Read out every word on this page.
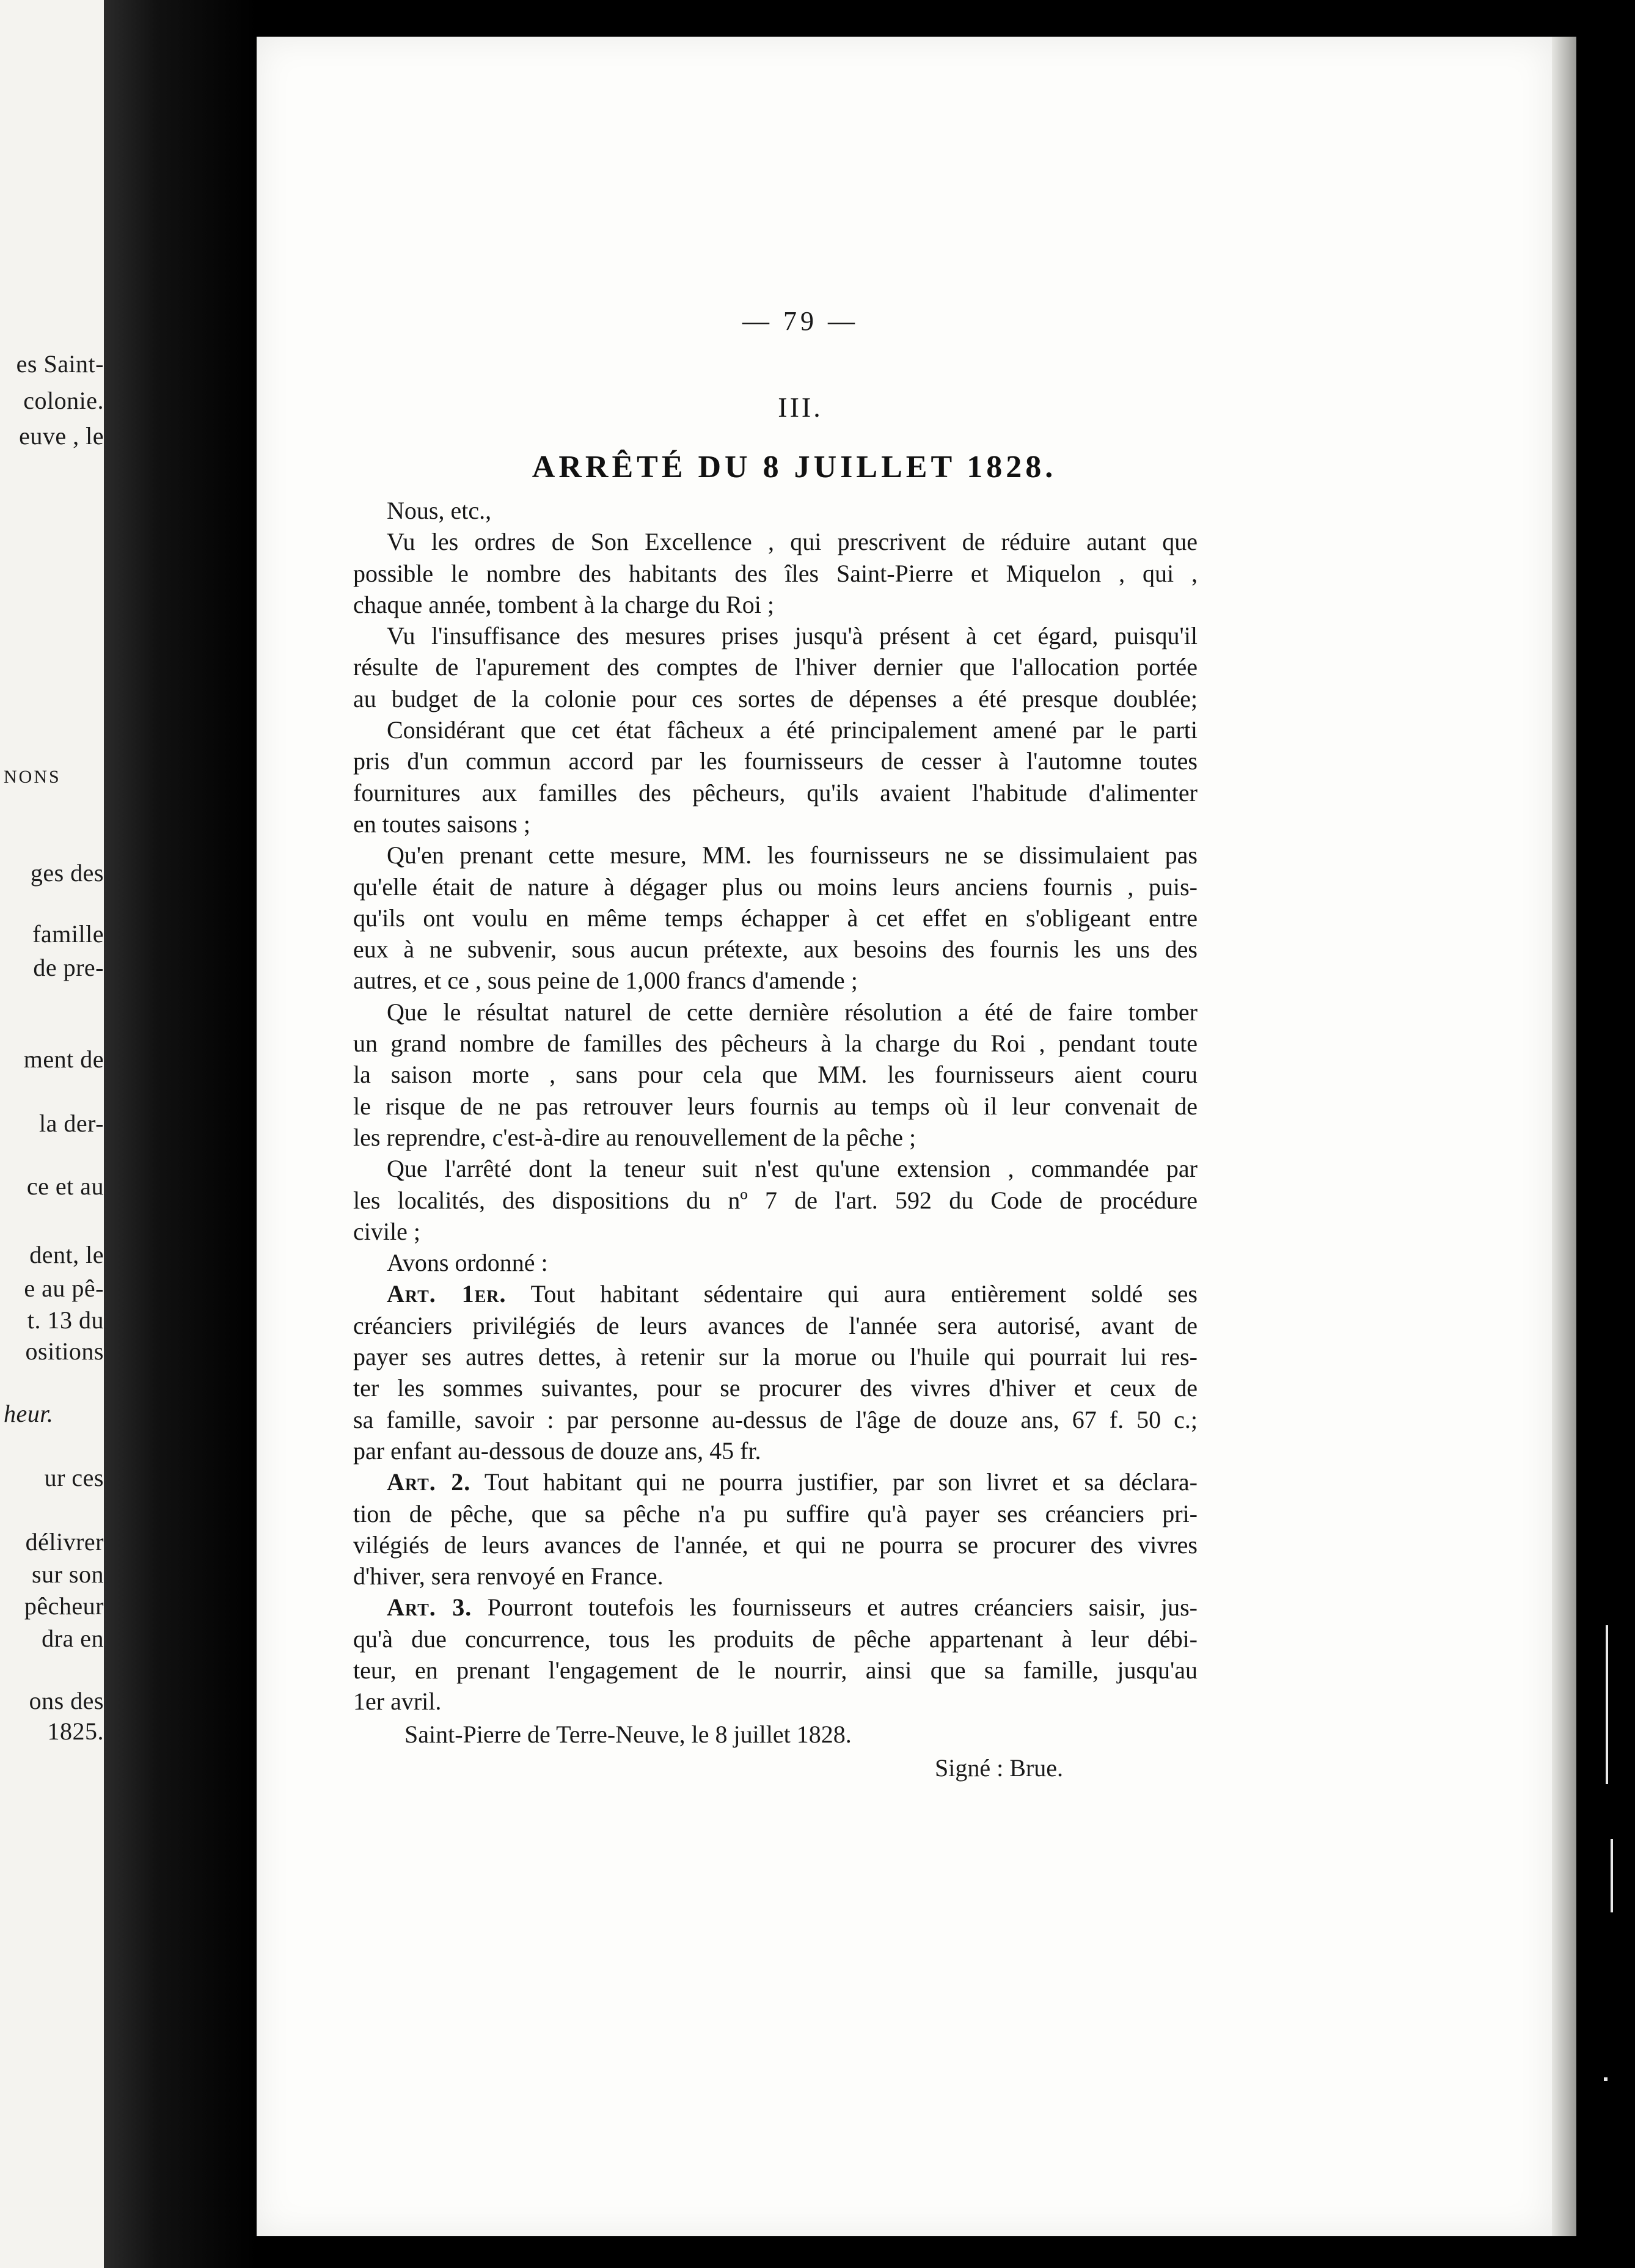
es Saint-
colonie.
euve , le
NONS
ges des
famille
de pre-
ment de
la der-
ce et au
dent, le
e au pê-
t. 13 du
ositions
heur.
ur ces
délivrer
sur son
pêcheur
dra en
ons des
1825.
— 79 —
III.
ARRÊTÉ DU 8 JUILLET 1828.
Nous, etc.,
Vu les ordres de Son Excellence , qui prescrivent de réduire autant que
possible le nombre des habitants des îles Saint-Pierre et Miquelon , qui ,
chaque année, tombent à la charge du Roi ;
Vu l'insuffisance des mesures prises jusqu'à présent à cet égard, puisqu'il
résulte de l'apurement des comptes de l'hiver dernier que l'allocation portée
au budget de la colonie pour ces sortes de dépenses a été presque doublée;
Considérant que cet état fâcheux a été principalement amené par le parti
pris d'un commun accord par les fournisseurs de cesser à l'automne toutes
fournitures aux familles des pêcheurs, qu'ils avaient l'habitude d'alimenter
en toutes saisons ;
Qu'en prenant cette mesure, MM. les fournisseurs ne se dissimulaient pas
qu'elle était de nature à dégager plus ou moins leurs anciens fournis , puis-
qu'ils ont voulu en même temps échapper à cet effet en s'obligeant entre
eux à ne subvenir, sous aucun prétexte, aux besoins des fournis les uns des
autres, et ce , sous peine de 1,000 francs d'amende ;
Que le résultat naturel de cette dernière résolution a été de faire tomber
un grand nombre de familles des pêcheurs à la charge du Roi , pendant toute
la saison morte , sans pour cela que MM. les fournisseurs aient couru
le risque de ne pas retrouver leurs fournis au temps où il leur convenait de
les reprendre, c'est-à-dire au renouvellement de la pêche ;
Que l'arrêté dont la teneur suit n'est qu'une extension , commandée par
les localités, des dispositions du nº 7 de l'art. 592 du Code de procédure
civile ;
Avons ordonné :
Art. 1er. Tout habitant sédentaire qui aura entièrement soldé ses
créanciers privilégiés de leurs avances de l'année sera autorisé, avant de
payer ses autres dettes, à retenir sur la morue ou l'huile qui pourrait lui res-
ter les sommes suivantes, pour se procurer des vivres d'hiver et ceux de
sa famille, savoir : par personne au-dessus de l'âge de douze ans, 67 f. 50 c.;
par enfant au-dessous de douze ans, 45 fr.
Art. 2. Tout habitant qui ne pourra justifier, par son livret et sa déclara-
tion de pêche, que sa pêche n'a pu suffire qu'à payer ses créanciers pri-
vilégiés de leurs avances de l'année, et qui ne pourra se procurer des vivres
d'hiver, sera renvoyé en France.
Art. 3. Pourront toutefois les fournisseurs et autres créanciers saisir, jus-
qu'à due concurrence, tous les produits de pêche appartenant à leur débi-
teur, en prenant l'engagement de le nourrir, ainsi que sa famille, jusqu'au
1er avril.
Saint-Pierre de Terre-Neuve, le 8 juillet 1828.
Signé : Brue.
